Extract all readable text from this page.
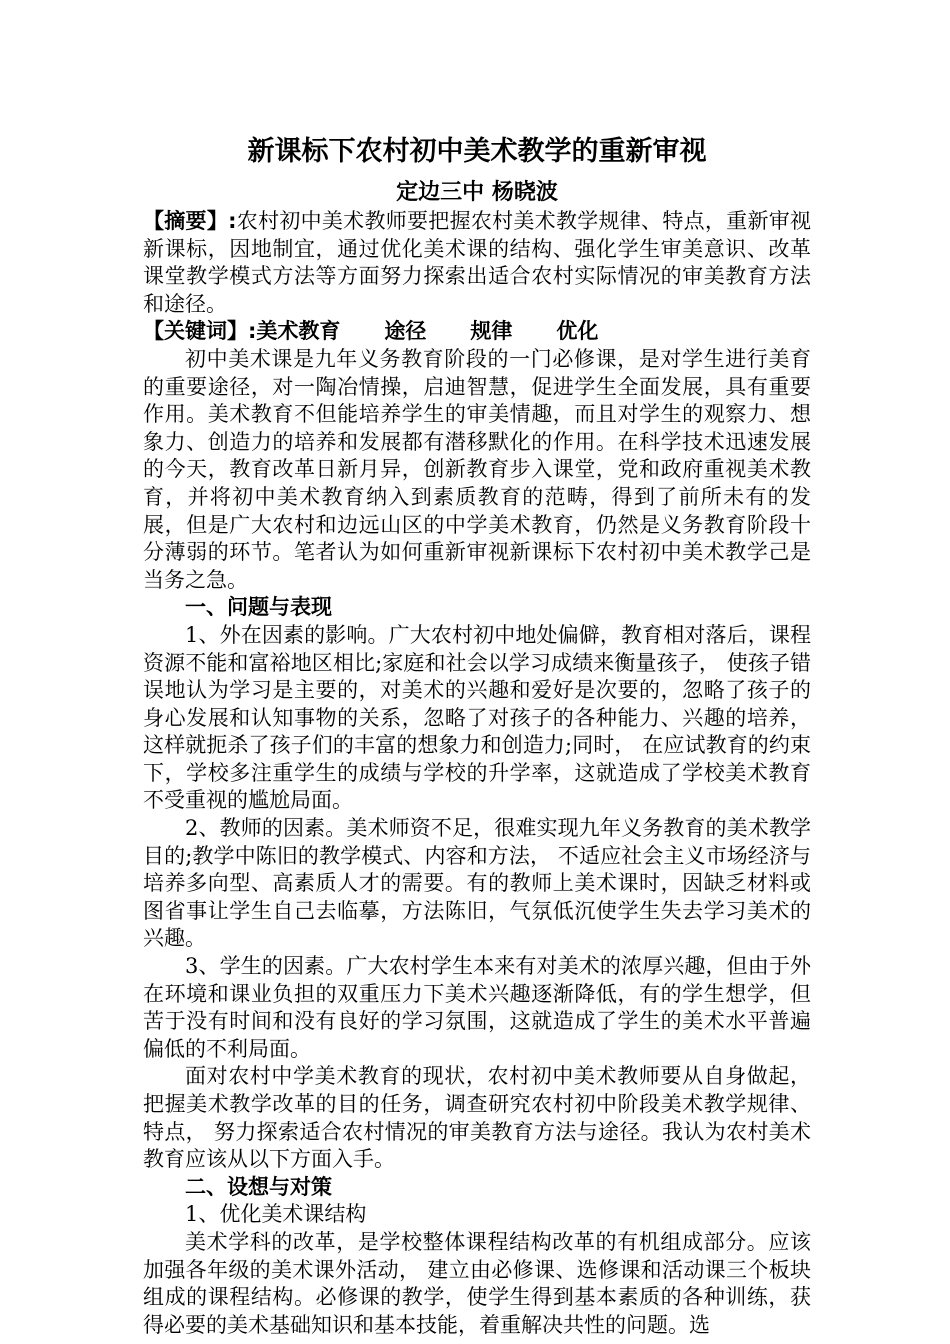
新课标下农村初中美术教学的重新审视
定边三中 杨晓波

【摘要】:农村初中美术教师要把握农村美术教学规律、特点，重新审视新课标，因地制宜，通过优化美术课的结构、强化学生审美意识、改革课堂教学模式方法等方面努力探索出适合农村实际情况的审美教育方法和途径。

【关键词】:美术教育 途径 规律 优化

初中美术课是九年义务教育阶段的一门必修课，是对学生进行美育的重要途径，对一陶冶情操，启迪智慧，促进学生全面发展，具有重要作用。美术教育不但能培养学生的审美情趣，而且对学生的观察力、想象力、创造力的培养和发展都有潜移默化的作用。在科学技术迅速发展的今天，教育改革日新月异，创新教育步入课堂，党和政府重视美术教育，并将初中美术教育纳入到素质教育的范畴，得到了前所未有的发展，但是广大农村和边远山区的中学美术教育，仍然是义务教育阶段十分薄弱的环节。笔者认为如何重新审视新课标下农村初中美术教学己是当务之急。

一、问题与表现

1、外在因素的影响。广大农村初中地处偏僻，教育相对落后，课程资源不能和富裕地区相比;家庭和社会以学习成绩来衡量孩子， 使孩子错误地认为学习是主要的，对美术的兴趣和爱好是次要的，忽略了孩子的身心发展和认知事物的关系，忽略了对孩子的各种能力、兴趣的培养， 这样就扼杀了孩子们的丰富的想象力和创造力;同时， 在应试教育的约束下，学校多注重学生的成绩与学校的升学率，这就造成了学校美术教育不受重视的尴尬局面。

2、教师的因素。美术师资不足，很难实现九年义务教育的美术教学目的;教学中陈旧的教学模式、内容和方法， 不适应社会主义市场经济与培养多向型、高素质人才的需要。有的教师上美术课时，因缺乏材料或图省事让学生自己去临摹，方法陈旧，气氛低沉使学生失去学习美术的兴趣。

3、学生的因素。广大农村学生本来有对美术的浓厚兴趣，但由于外在环境和课业负担的双重压力下美术兴趣逐渐降低，有的学生想学，但苦于没有时间和没有良好的学习氛围，这就造成了学生的美术水平普遍偏低的不利局面。

面对农村中学美术教育的现状，农村初中美术教师要从自身做起，把握美术教学改革的目的任务，调查研究农村初中阶段美术教学规律、特点， 努力探索适合农村情况的审美教育方法与途径。我认为农村美术教育应该从以下方面入手。

二、设想与对策

1、优化美术课结构

美术学科的改革，是学校整体课程结构改革的有机组成部分。应该加强各年级的美术课外活动， 建立由必修课、选修课和活动课三个板块组成的课程结构。必修课的教学，使学生得到基本素质的各种训练，获得必要的美术基础知识和基本技能，着重解决共性的问题。选
